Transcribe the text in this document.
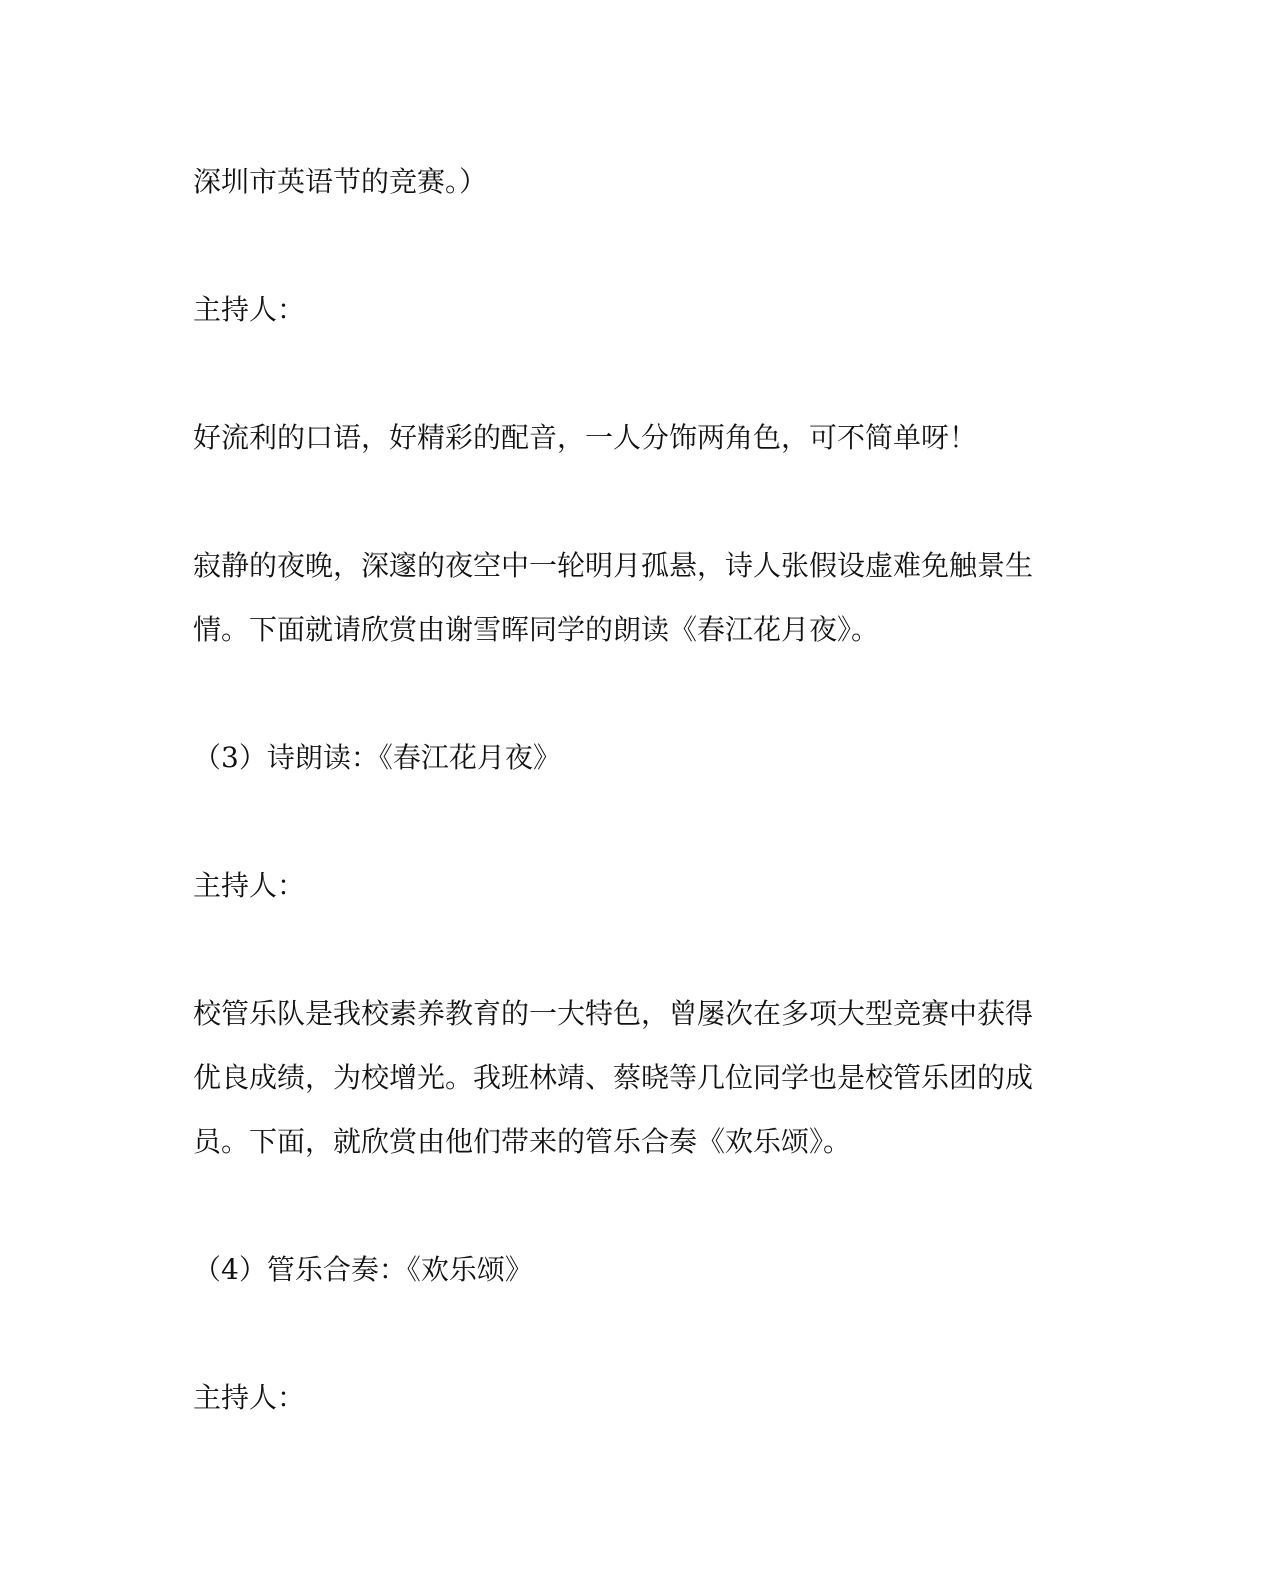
深圳市英语节的竞赛。）
主持人：
好流利的口语，好精彩的配音，一人分饰两角色，可不简单呀！
寂静的夜晚，深邃的夜空中一轮明月孤悬，诗人张假设虚难免触景生
情。下面就请欣赏由谢雪晖同学的朗读《春江花月夜》。
（3）诗朗读：《春江花月夜》
主持人：
校管乐队是我校素养教育的一大特色，曾屡次在多项大型竞赛中获得
优良成绩，为校增光。我班林靖、蔡晓等几位同学也是校管乐团的成
员。下面，就欣赏由他们带来的管乐合奏《欢乐颂》。
（4）管乐合奏：《欢乐颂》
主持人：
